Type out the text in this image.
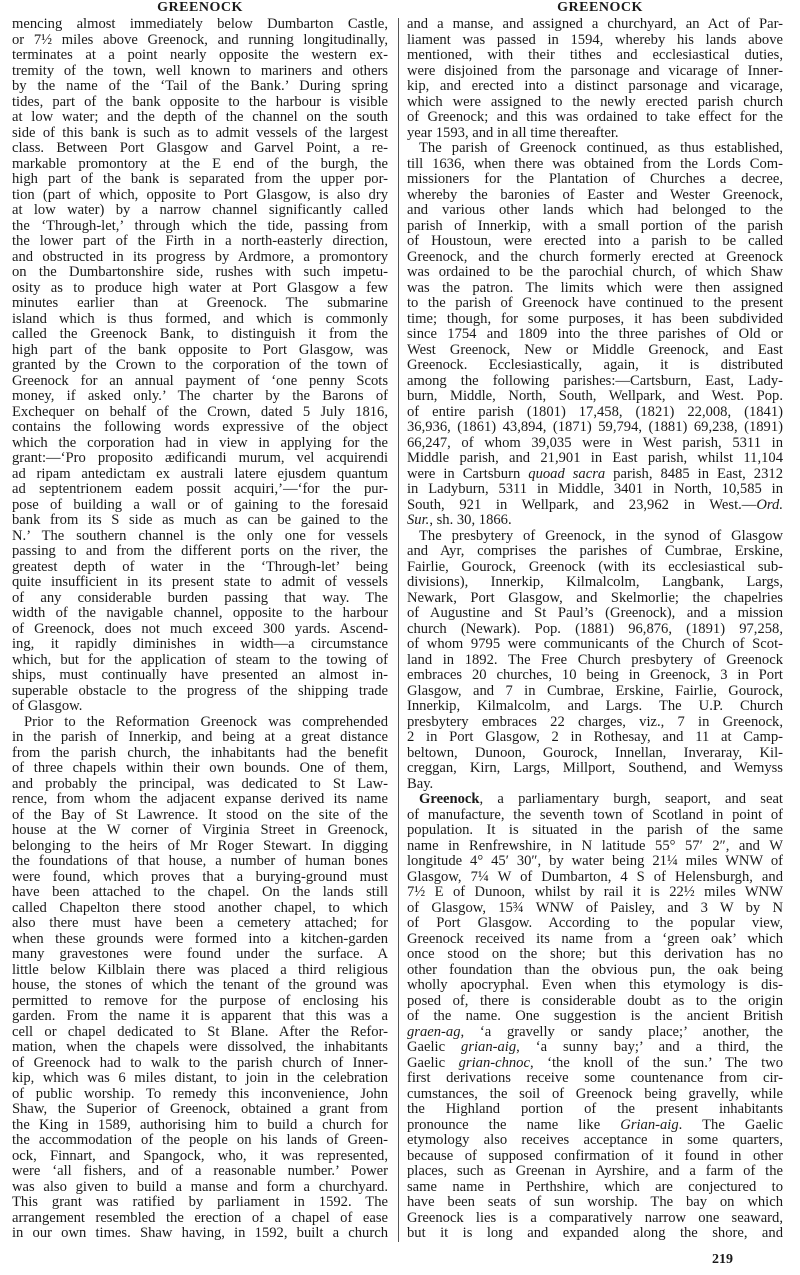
GREENOCK	GREENOCK
mencing almost immediately below Dumbarton Castle,
or 7½ miles above Greenock, and running longitudinally,
terminates at a point nearly opposite the western ex-
tremity of the town, well known to mariners and others
by the name of the ‘Tail of the Bank.’ During spring
tides, part of the bank opposite to the harbour is visible
at low water; and the depth of the channel on the south
side of this bank is such as to admit vessels of the largest
class. Between Port Glasgow and Garvel Point, a re-
markable promontory at the E end of the burgh, the
high part of the bank is separated from the upper por-
tion (part of which, opposite to Port Glasgow, is also dry
at low water) by a narrow channel significantly called
the ‘Through-let,’ through which the tide, passing from
the lower part of the Firth in a north-easterly direction,
and obstructed in its progress by Ardmore, a promontory
on the Dumbartonshire side, rushes with such impetu-
osity as to produce high water at Port Glasgow a few
minutes earlier than at Greenock. The submarine
island which is thus formed, and which is commonly
called the Greenock Bank, to distinguish it from the
high part of the bank opposite to Port Glasgow, was
granted by the Crown to the corporation of the town of
Greenock for an annual payment of ‘one penny Scots
money, if asked only.’ The charter by the Barons of
Exchequer on behalf of the Crown, dated 5 July 1816,
contains the following words expressive of the object
which the corporation had in view in applying for the
grant:—‘Pro proposito ædificandi murum, vel acquirendi
ad ripam antedictam ex australi latere ejusdem quantum
ad septentrionem eadem possit acquiri,’—‘for the pur-
pose of building a wall or of gaining to the foresaid
bank from its S side as much as can be gained to the
N.’ The southern channel is the only one for vessels
passing to and from the different ports on the river, the
greatest depth of water in the ‘Through-let’ being
quite insufficient in its present state to admit of vessels
of any considerable burden passing that way. The
width of the navigable channel, opposite to the harbour
of Greenock, does not much exceed 300 yards. Ascend-
ing, it rapidly diminishes in width—a circumstance
which, but for the application of steam to the towing of
ships, must continually have presented an almost in-
superable obstacle to the progress of the shipping trade
of Glasgow.
Prior to the Reformation Greenock was comprehended
in the parish of Innerkip, and being at a great distance
from the parish church, the inhabitants had the benefit
of three chapels within their own bounds. One of them,
and probably the principal, was dedicated to St Law-
rence, from whom the adjacent expanse derived its name
of the Bay of St Lawrence. It stood on the site of the
house at the W corner of Virginia Street in Greenock,
belonging to the heirs of Mr Roger Stewart. In digging
the foundations of that house, a number of human bones
were found, which proves that a burying-ground must
have been attached to the chapel. On the lands still
called Chapelton there stood another chapel, to which
also there must have been a cemetery attached; for
when these grounds were formed into a kitchen-garden
many gravestones were found under the surface. A
little below Kilblain there was placed a third religious
house, the stones of which the tenant of the ground was
permitted to remove for the purpose of enclosing his
garden. From the name it is apparent that this was a
cell or chapel dedicated to St Blane. After the Refor-
mation, when the chapels were dissolved, the inhabitants
of Greenock had to walk to the parish church of Inner-
kip, which was 6 miles distant, to join in the celebration
of public worship. To remedy this inconvenience, John
Shaw, the Superior of Greenock, obtained a grant from
the King in 1589, authorising him to build a church for
the accommodation of the people on his lands of Green-
ock, Finnart, and Spangock, who, it was represented,
were ‘all fishers, and of a reasonable number.’ Power
was also given to build a manse and form a churchyard.
This grant was ratified by parliament in 1592. The
arrangement resembled the erection of a chapel of ease
in our own times. Shaw having, in 1592, built a church
and a manse, and assigned a churchyard, an Act of Par-
liament was passed in 1594, whereby his lands above
mentioned, with their tithes and ecclesiastical duties,
were disjoined from the parsonage and vicarage of Inner-
kip, and erected into a distinct parsonage and vicarage,
which were assigned to the newly erected parish church
of Greenock; and this was ordained to take effect for the
year 1593, and in all time thereafter.
The parish of Greenock continued, as thus established,
till 1636, when there was obtained from the Lords Com-
missioners for the Plantation of Churches a decree,
whereby the baronies of Easter and Wester Greenock,
and various other lands which had belonged to the
parish of Innerkip, with a small portion of the parish
of Houstoun, were erected into a parish to be called
Greenock, and the church formerly erected at Greenock
was ordained to be the parochial church, of which Shaw
was the patron. The limits which were then assigned
to the parish of Greenock have continued to the present
time; though, for some purposes, it has been subdivided
since 1754 and 1809 into the three parishes of Old or
West Greenock, New or Middle Greenock, and East
Greenock. Ecclesiastically, again, it is distributed
among the following parishes:—Cartsburn, East, Lady-
burn, Middle, North, South, Wellpark, and West. Pop.
of entire parish (1801) 17,458, (1821) 22,008, (1841)
36,936, (1861) 43,894, (1871) 59,794, (1881) 69,238, (1891)
66,247, of whom 39,035 were in West parish, 5311 in
Middle parish, and 21,901 in East parish, whilst 11,104
were in Cartsburn quoad sacra parish, 8485 in East, 2312
in Ladyburn, 5311 in Middle, 3401 in North, 10,585 in
South, 921 in Wellpark, and 23,962 in West.—Ord.
Sur., sh. 30, 1866.
The presbytery of Greenock, in the synod of Glasgow
and Ayr, comprises the parishes of Cumbrae, Erskine,
Fairlie, Gourock, Greenock (with its ecclesiastical sub-
divisions), Innerkip, Kilmalcolm, Langbank, Largs,
Newark, Port Glasgow, and Skelmorlie; the chapelries
of Augustine and St Paul’s (Greenock), and a mission
church (Newark). Pop. (1881) 96,876, (1891) 97,258,
of whom 9795 were communicants of the Church of Scot-
land in 1892. The Free Church presbytery of Greenock
embraces 20 churches, 10 being in Greenock, 3 in Port
Glasgow, and 7 in Cumbrae, Erskine, Fairlie, Gourock,
Innerkip, Kilmalcolm, and Largs. The U.P. Church
presbytery embraces 22 charges, viz., 7 in Greenock,
2 in Port Glasgow, 2 in Rothesay, and 11 at Camp-
beltown, Dunoon, Gourock, Innellan, Inveraray, Kil-
creggan, Kirn, Largs, Millport, Southend, and Wemyss
Bay.
Greenock, a parliamentary burgh, seaport, and seat
of manufacture, the seventh town of Scotland in point of
population. It is situated in the parish of the same
name in Renfrewshire, in N latitude 55° 57′ 2″, and W
longitude 4° 45′ 30″, by water being 21¼ miles WNW of
Glasgow, 7¼ W of Dumbarton, 4 S of Helensburgh, and
7½ E of Dunoon, whilst by rail it is 22½ miles WNW
of Glasgow, 15¾ WNW of Paisley, and 3 W by N
of Port Glasgow. According to the popular view,
Greenock received its name from a ‘green oak’ which
once stood on the shore; but this derivation has no
other foundation than the obvious pun, the oak being
wholly apocryphal. Even when this etymology is dis-
posed of, there is considerable doubt as to the origin
of the name. One suggestion is the ancient British
graen-ag, ‘a gravelly or sandy place;’ another, the
Gaelic grian-aig, ‘a sunny bay;’ and a third, the
Gaelic grian-chnoc, ‘the knoll of the sun.’ The two
first derivations receive some countenance from cir-
cumstances, the soil of Greenock being gravelly, while
the Highland portion of the present inhabitants
pronounce the name like Grian-aig. The Gaelic
etymology also receives acceptance in some quarters,
because of supposed confirmation of it found in other
places, such as Greenan in Ayrshire, and a farm of the
same name in Perthshire, which are conjectured to
have been seats of sun worship. The bay on which
Greenock lies is a comparatively narrow one seaward,
but it is long and expanded along the shore, and
219
